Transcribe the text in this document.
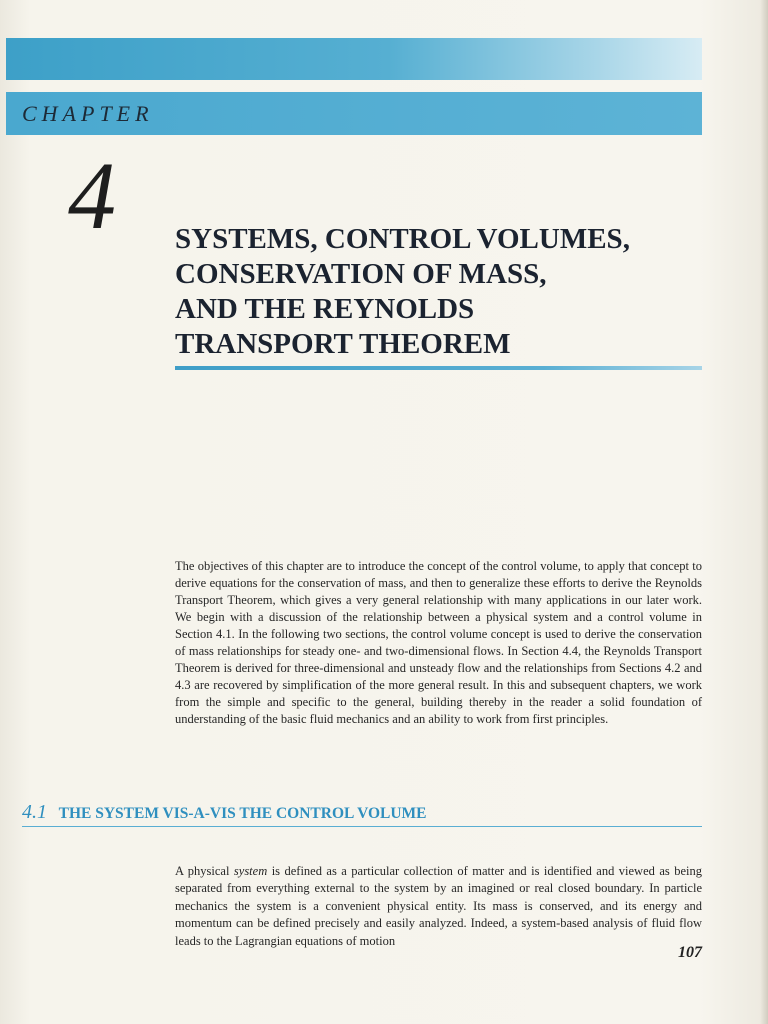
CHAPTER
4 SYSTEMS, CONTROL VOLUMES,
CONSERVATION OF MASS,
AND THE REYNOLDS
TRANSPORT THEOREM

The objectives of this chapter are to introduce the concept of the control volume, to apply that concept to derive equations for the conservation of mass, and then to generalize these efforts to derive the Reynolds Transport Theorem, which gives a very general relationship with many applications in our later work. We begin with a discussion of the relationship between a physical system and a control volume in Section 4.1. In the following two sections, the control volume concept is used to derive the conservation of mass relationships for steady one- and two-dimensional flows. In Section 4.4, the Reynolds Transport Theorem is derived for three-dimensional and unsteady flow and the relationships from Sections 4.2 and 4.3 are recovered by simplification of the more general result. In this and subsequent chapters, we work from the simple and specific to the general, building thereby in the reader a solid foundation of understanding of the basic fluid mechanics and an ability to work from first principles.

4.1 THE SYSTEM VIS-A-VIS THE CONTROL VOLUME

A physical system is defined as a particular collection of matter and is identified and viewed as being separated from everything external to the system by an imagined or real closed boundary. In particle mechanics the system is a convenient physical entity. Its mass is conserved, and its energy and momentum can be defined precisely and easily analyzed. Indeed, a system-based analysis of fluid flow leads to the Lagrangian equations of motion

107
